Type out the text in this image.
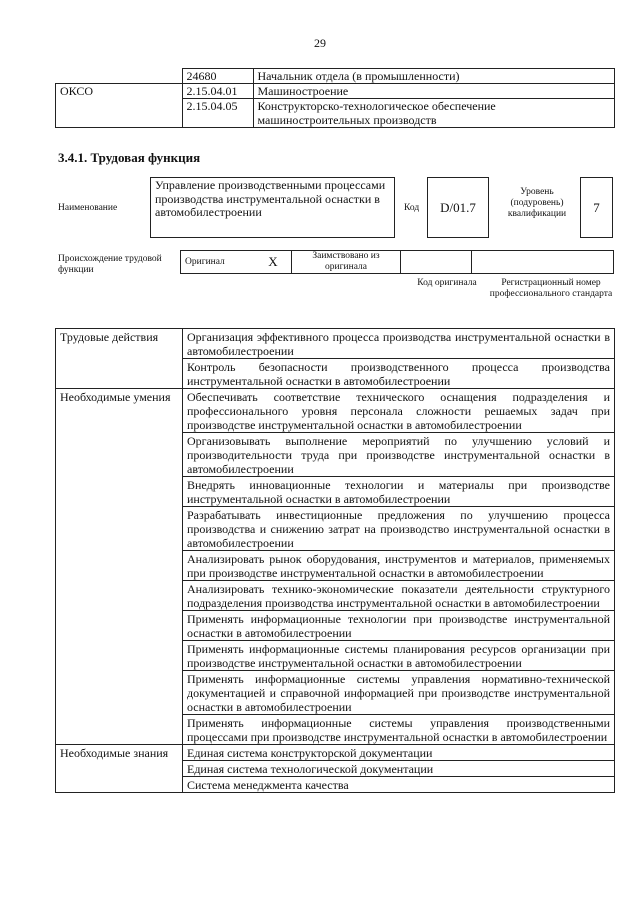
29
	24680	Начальник отдела (в промышленности)
ОКСО	2.15.04.01	Машиностроение
	2.15.04.05	Конструкторско-технологическое обеспечение машиностроительных производств
3.4.1. Трудовая функция
Наименование
Управление производственными процессами производства инструментальной оснастки в автомобилестроении	Код	D/01.7
Уровень (подуровень) квалификации	7
Происхождение трудовой функции
Оригинал	X	Заимствовано из оригинала		
Код оригинала	Регистрационный номер профессионального стандарта
Трудовые действия	Организация эффективного процесса производства инструментальной оснастки в автомобилестроении
	Контроль безопасности производственного процесса производства инструментальной оснастки в автомобилестроении
Необходимые умения	Обеспечивать соответствие технического оснащения подразделения и профессионального уровня персонала сложности решаемых задач при производстве инструментальной оснастки в автомобилестроении
	Организовывать выполнение мероприятий по улучшению условий и производительности труда при производстве инструментальной оснастки в автомобилестроении
	Внедрять инновационные технологии и материалы при производстве инструментальной оснастки в автомобилестроении
	Разрабатывать инвестиционные предложения по улучшению процесса производства и снижению затрат на производство инструментальной оснастки в автомобилестроении
	Анализировать рынок оборудования, инструментов и материалов, применяемых при производстве инструментальной оснастки в автомобилестроении
	Анализировать технико-экономические показатели деятельности структурного подразделения производства инструментальной оснастки в автомобилестроении
	Применять информационные технологии при производстве инструментальной оснастки в автомобилестроении
	Применять информационные системы планирования ресурсов организации при производстве инструментальной оснастки в автомобилестроении
	Применять информационные системы управления нормативно-технической документацией и справочной информацией при производстве инструментальной оснастки в автомобилестроении
	Применять информационные системы управления производственными процессами при производстве инструментальной оснастки в автомобилестроении
Необходимые знания	Единая система конструкторской документации
	Единая система технологической документации
	Система менеджмента качества
